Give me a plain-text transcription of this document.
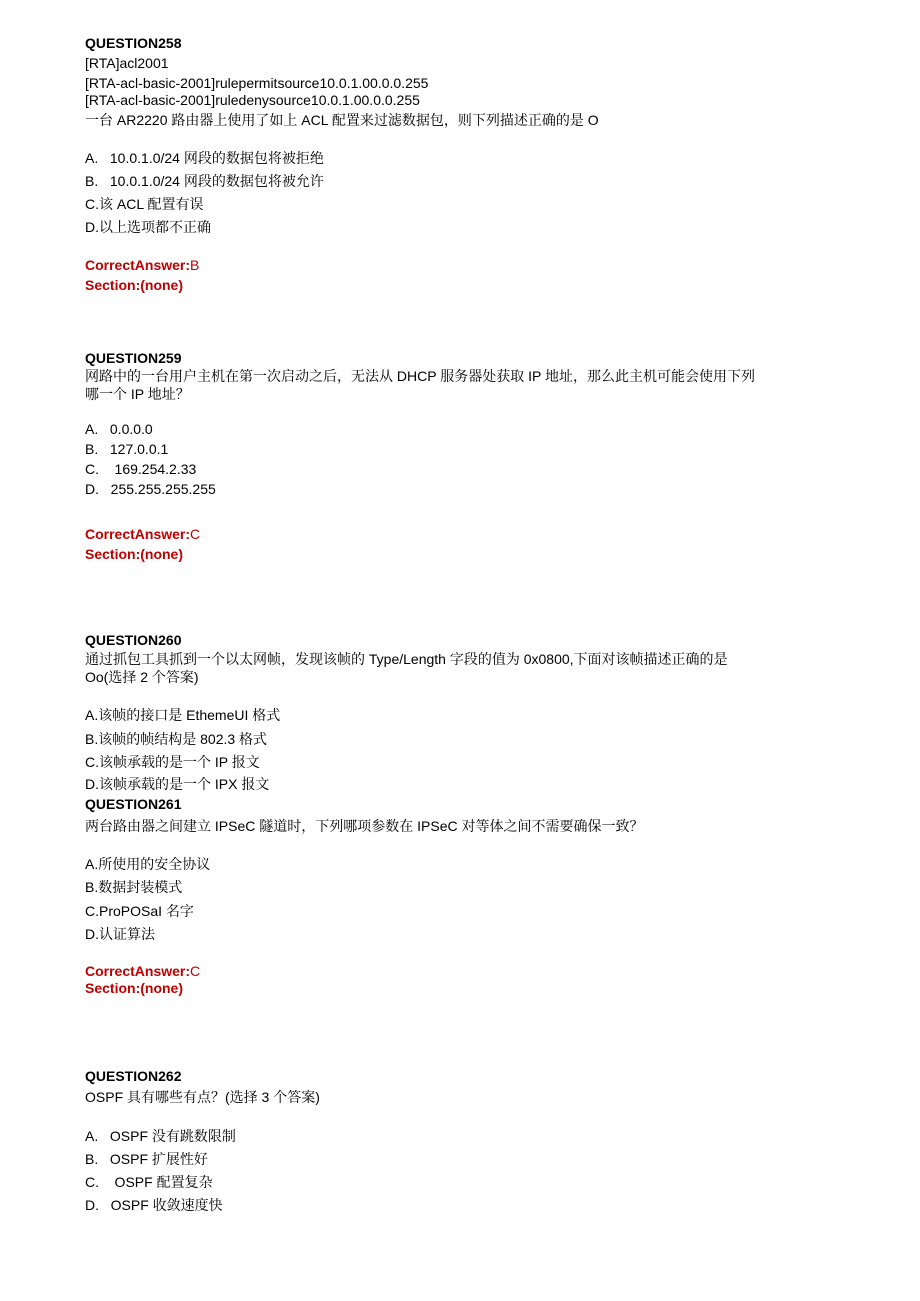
QUESTION258
[RTA]acl2001
[RTA-acl-basic-2001]rulepermitsource10.0.1.00.0.0.255
[RTA-acl-basic-2001]ruledenysource10.0.1.00.0.0.255
一台 AR2220 路由器上使用了如上 ACL 配置来过滤数据包，则下列描述正确的是 O
A.   10.0.1.0/24 网段的数据包将被拒绝
B.   10.0.1.0/24 网段的数据包将被允许
C.该 ACL 配置有误
D.以上选项都不正确
CorrectAnswer:B
Section:(none)
QUESTION259
网路中的一台用户主机在第一次启动之后，无法从 DHCP 服务器处获取 IP 地址，那么此主机可能会使用下列
哪一个 IP 地址？
A.   0.0.0.0
B.   127.0.0.1
C.    169.254.2.33
D.   255.255.255.255
CorrectAnswer:C
Section:(none)
QUESTION260
通过抓包工具抓到一个以太网帧，发现该帧的 Type/Length 字段的值为 0x0800,下面对该帧描述正确的是
Oo(选择 2 个答案)
A.该帧的接口是 EthemeUI 格式
B.该帧的帧结构是 802.3 格式
C.该帧承载的是一个 IP 报文
D.该帧承载的是一个 IPX 报文
QUESTION261
两台路由器之间建立 IPSeC 隧道时，下列哪项参数在 IPSeC 对等体之间不需要确保一致？
A.所使用的安全协议
B.数据封装模式
C.ProPOSaI 名字
D.认证算法
CorrectAnswer:C
Section:(none)
QUESTION262
OSPF 具有哪些有点？(选择 3 个答案)
A.   OSPF 没有跳数限制
B.   OSPF 扩展性好
C.    OSPF 配置复杂
D.   OSPF 收敛速度快
